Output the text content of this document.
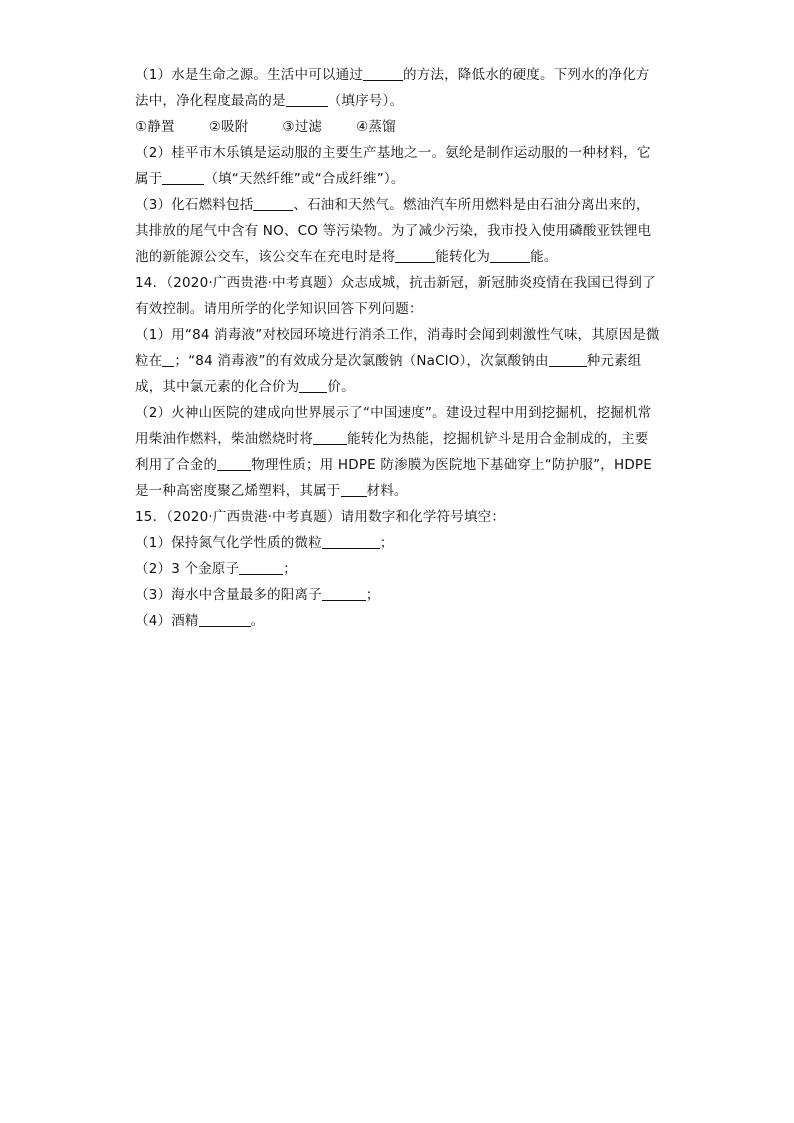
（1）水是生命之源。生活中可以通过	的方法，降低水的硬度。下列水的净化方
法中，净化程度最高的是	（填序号）。
①静置	②吸附	③过滤	④蒸馏
（2）桂平市木乐镇是运动服的主要生产基地之一。氨纶是制作运动服的一种材料，它
属于	（填“天然纤维”或“合成纤维”）。
（3）化石燃料包括	、石油和天然气。燃油汽车所用燃料是由石油分离出来的，
其排放的尾气中含有 NO、CO 等污染物。为了减少污染，我市投入使用磷酸亚铁锂电
池的新能源公交车，该公交车在充电时是将	能转化为	能。
14．（2020·广西贵港·中考真题）众志成城，抗击新冠，新冠肺炎疫情在我国已得到了
有效控制。请用所学的化学知识回答下列问题：
（1）用“84 消毒液”对校园环境进行消杀工作，消毒时会闻到刺激性气味，其原因是微
粒在 ；“84 消毒液”的有效成分是次氯酸钠（NaClO），次氯酸钠由	种元素组
成，其中氯元素的化合价为 价。
（2）火神山医院的建成向世界展示了“中国速度”。建设过程中用到挖掘机，挖掘机常
用柴油作燃料，柴油燃烧时将	能转化为热能，挖掘机铲斗是用合金制成的，主要
利用了合金的	物理性质；用 HDPE 防渗膜为医院地下基础穿上“防护服”，HDPE
是一种高密度聚乙烯塑料，其属于 材料。
15．（2020·广西贵港·中考真题）请用数字和化学符号填空：
（1）保持氮气化学性质的微粒	；
（2）3 个金原子	；
（3）海水中含量最多的阳离子	；
（4）酒精	。
